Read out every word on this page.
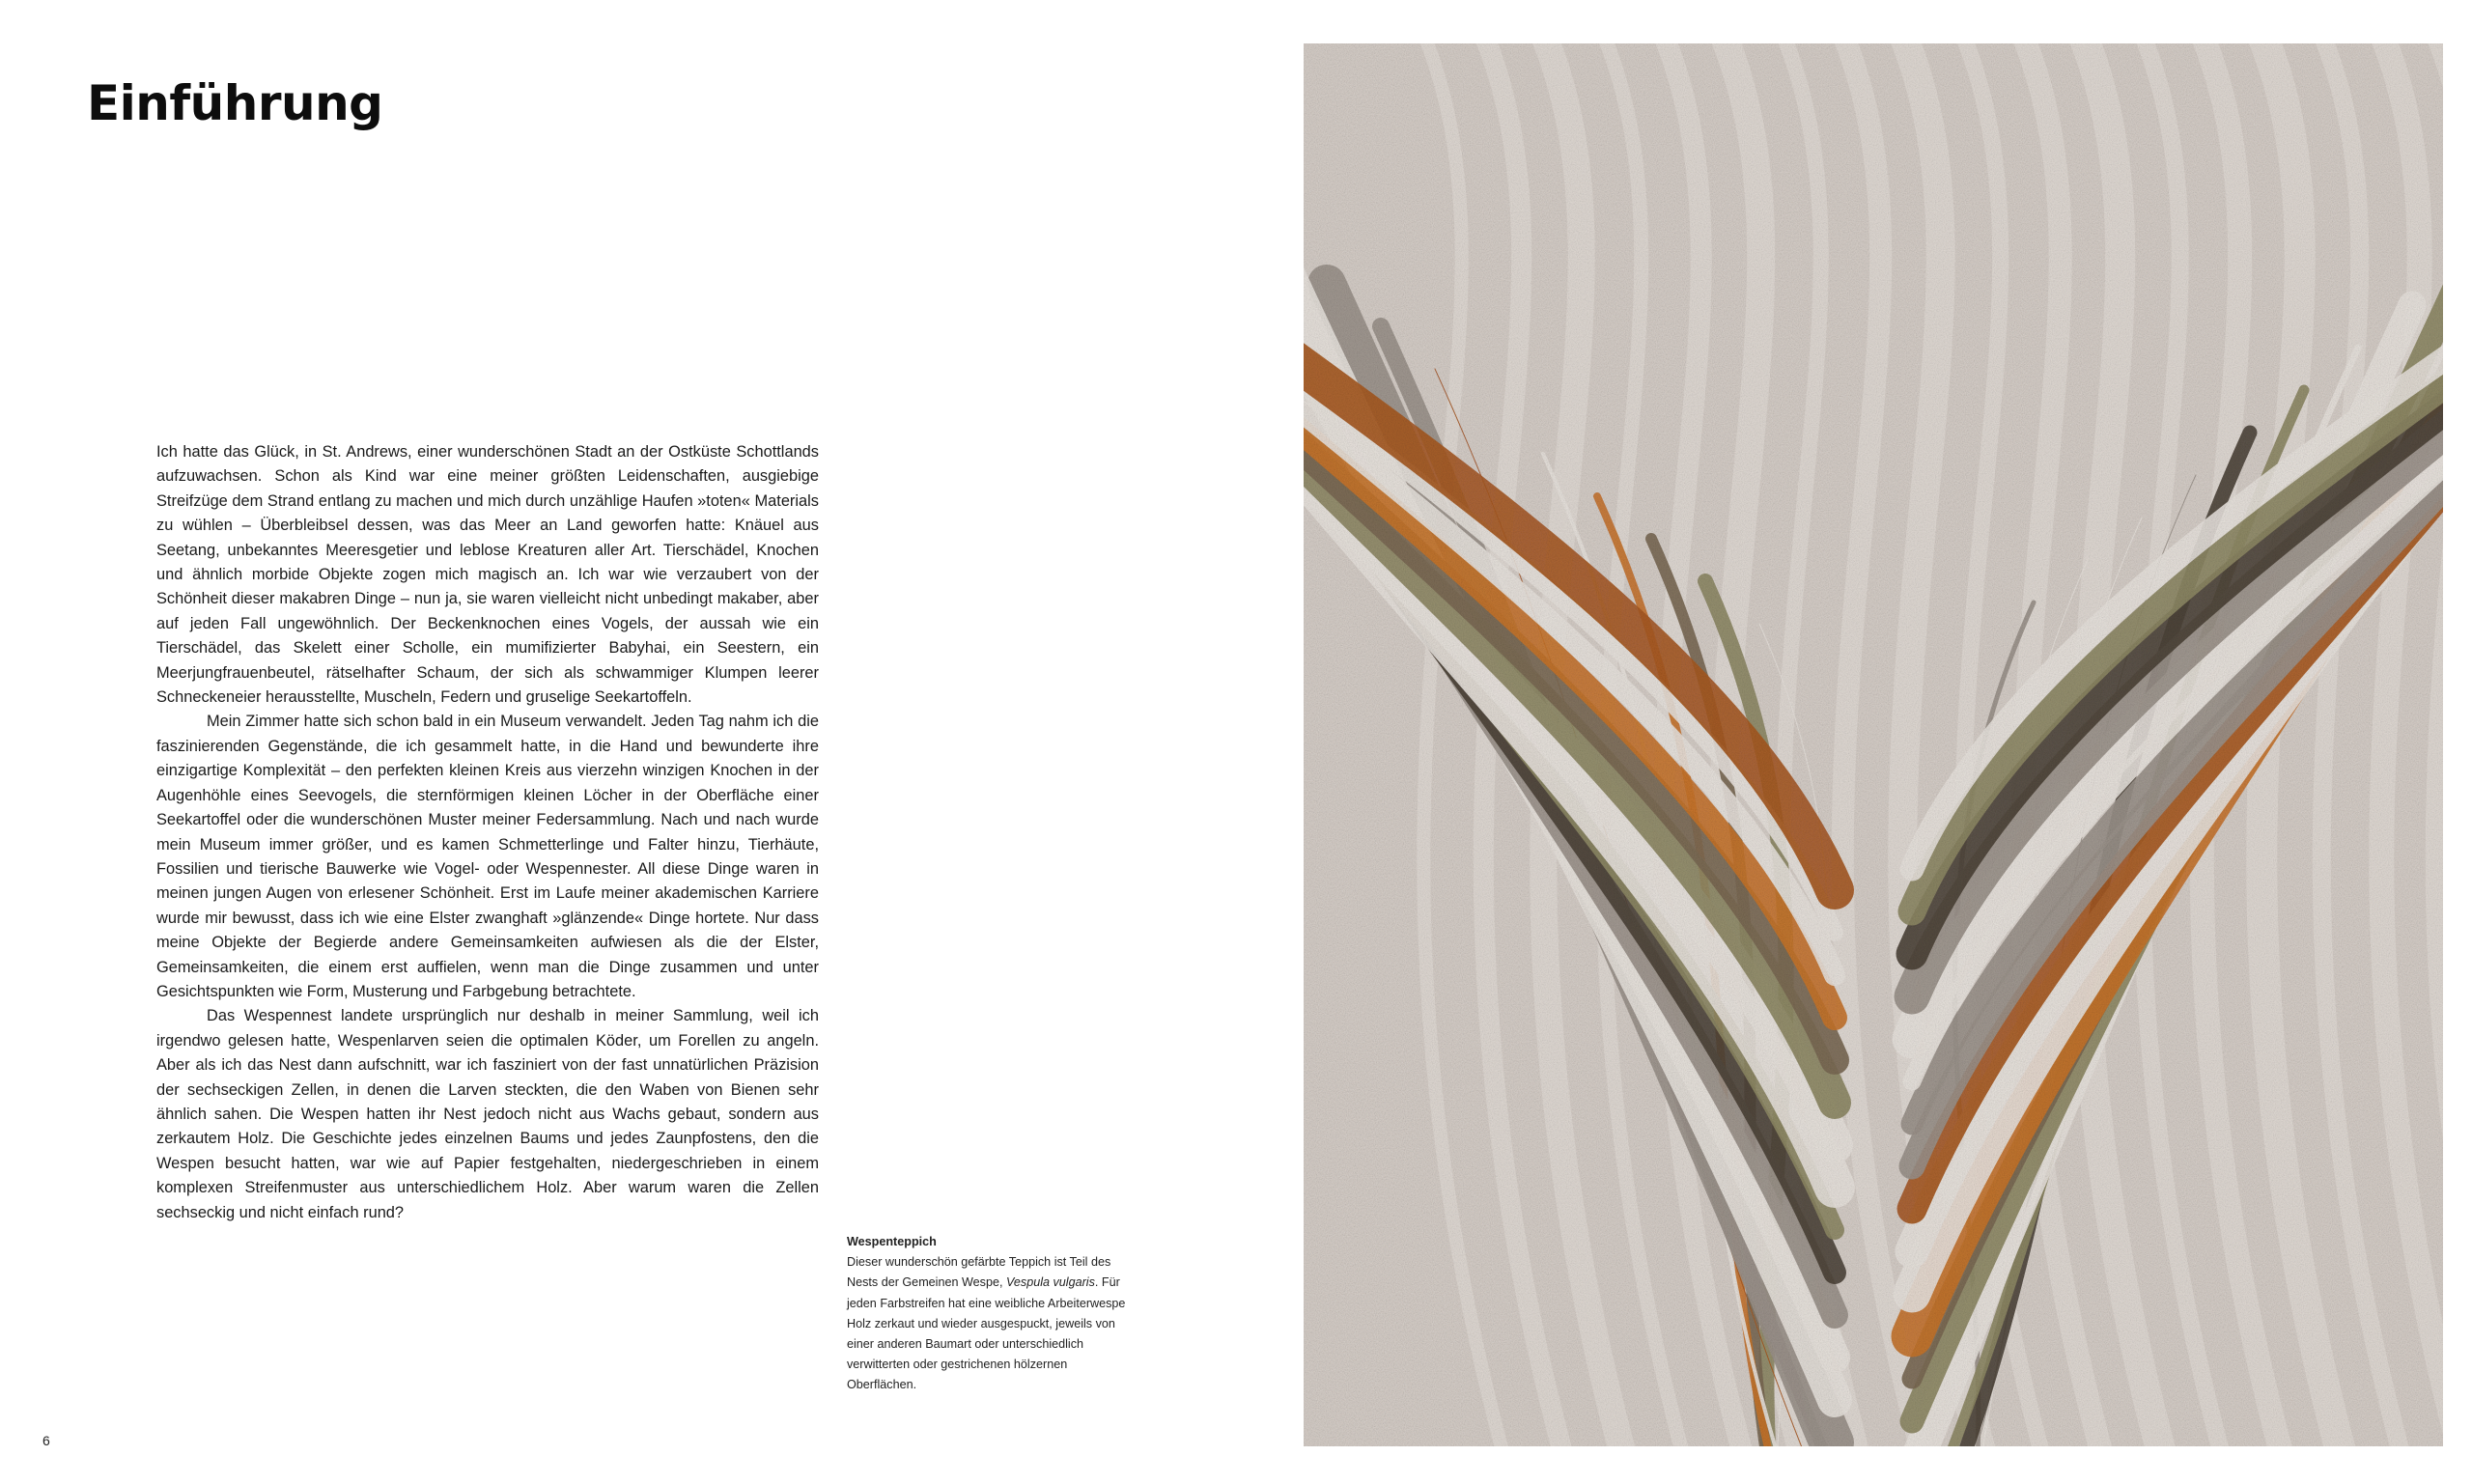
Einführung

Ich hatte das Glück, in St. Andrews, einer wunderschönen Stadt an der Ostküste Schottlands aufzuwachsen. Schon als Kind war eine meiner größten Leidenschaften, ausgiebige Streifzüge dem Strand entlang zu machen und mich durch unzählige Haufen »toten« Materials zu wühlen – Überbleibsel dessen, was das Meer an Land geworfen hatte: Knäuel aus Seetang, unbekanntes Meeresgetier und leblose Kreaturen aller Art. Tierschädel, Knochen und ähnlich morbide Objekte zogen mich magisch an. Ich war wie verzaubert von der Schönheit dieser makabren Dinge – nun ja, sie waren vielleicht nicht unbedingt makaber, aber auf jeden Fall ungewöhnlich. Der Beckenknochen eines Vogels, der aussah wie ein Tierschädel, das Skelett einer Scholle, ein mumifizierter Babyhai, ein Seestern, ein Meerjungfrauenbeutel, rätselhafter Schaum, der sich als schwammiger Klumpen leerer Schneckeneier herausstellte, Muscheln, Federn und gruselige Seekartoffeln.

Mein Zimmer hatte sich schon bald in ein Museum verwandelt. Jeden Tag nahm ich die faszinierenden Gegenstände, die ich gesammelt hatte, in die Hand und bewunderte ihre einzigartige Komplexität – den perfekten kleinen Kreis aus vierzehn winzigen Knochen in der Augenhöhle eines Seevogels, die sternförmigen kleinen Löcher in der Oberfläche einer Seekartoffel oder die wunderschönen Muster meiner Federsammlung. Nach und nach wurde mein Museum immer größer, und es kamen Schmetterlinge und Falter hinzu, Tierhäute, Fossilien und tierische Bauwerke wie Vogel- oder Wespennester. All diese Dinge waren in meinen jungen Augen von erlesener Schönheit. Erst im Laufe meiner akademischen Karriere wurde mir bewusst, dass ich wie eine Elster zwanghaft »glänzende« Dinge hortete. Nur dass meine Objekte der Begierde andere Gemeinsamkeiten aufwiesen als die der Elster, Gemeinsamkeiten, die einem erst auffielen, wenn man die Dinge zusammen und unter Gesichtspunkten wie Form, Musterung und Farbgebung betrachtete.

Das Wespennest landete ursprünglich nur deshalb in meiner Sammlung, weil ich irgendwo gelesen hatte, Wespenlarven seien die optimalen Köder, um Forellen zu angeln. Aber als ich das Nest dann aufschnitt, war ich fasziniert von der fast unnatürlichen Präzision der sechseckigen Zellen, in denen die Larven steckten, die den Waben von Bienen sehr ähnlich sahen. Die Wespen hatten ihr Nest jedoch nicht aus Wachs gebaut, sondern aus zerkautem Holz. Die Geschichte jedes einzelnen Baums und jedes Zaunpfostens, den die Wespen besucht hatten, war wie auf Papier festgehalten, niedergeschrieben in einem komplexen Streifenmuster aus unterschiedlichem Holz. Aber warum waren die Zellen sechseckig und nicht einfach rund?

Wespenteppich
Dieser wunderschön gefärbte Teppich ist Teil des Nests der Gemeinen Wespe, Vespula vulgaris. Für jeden Farbstreifen hat eine weibliche Arbeiterwespe Holz zerkaut und wieder ausgespuckt, jeweils von einer anderen Baumart oder unterschiedlich verwitterten oder gestrichenen hölzernen Oberflächen.
6
